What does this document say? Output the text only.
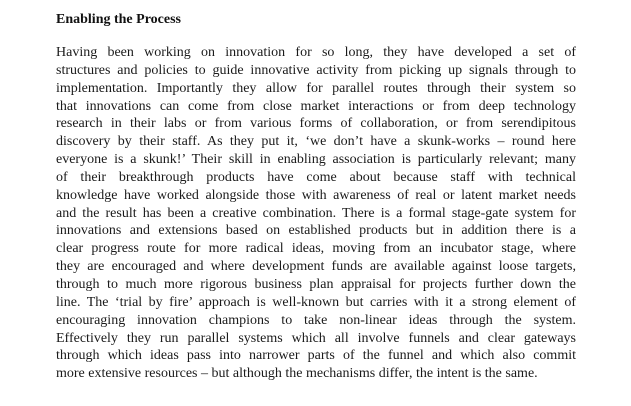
Enabling the Process
Having been working on innovation for so long, they have developed a set of
structures and policies to guide innovative activity from picking up signals through to
implementation. Importantly they allow for parallel routes through their system so
that innovations can come from close market interactions or from deep technology
research in their labs or from various forms of collaboration, or from serendipitous
discovery by their staff. As they put it, ‘we don’t have a skunk-works – round here
everyone is a skunk!’ Their skill in enabling association is particularly relevant; many
of their breakthrough products have come about because staff with technical
knowledge have worked alongside those with awareness of real or latent market needs
and the result has been a creative combination. There is a formal stage-gate system for
innovations and extensions based on established products but in addition there is a
clear progress route for more radical ideas, moving from an incubator stage, where
they are encouraged and where development funds are available against loose targets,
through to much more rigorous business plan appraisal for projects further down the
line. The ‘trial by fire’ approach is well-known but carries with it a strong element of
encouraging innovation champions to take non-linear ideas through the system.
Effectively they run parallel systems which all involve funnels and clear gateways
through which ideas pass into narrower parts of the funnel and which also commit
more extensive resources – but although the mechanisms differ, the intent is the same.
